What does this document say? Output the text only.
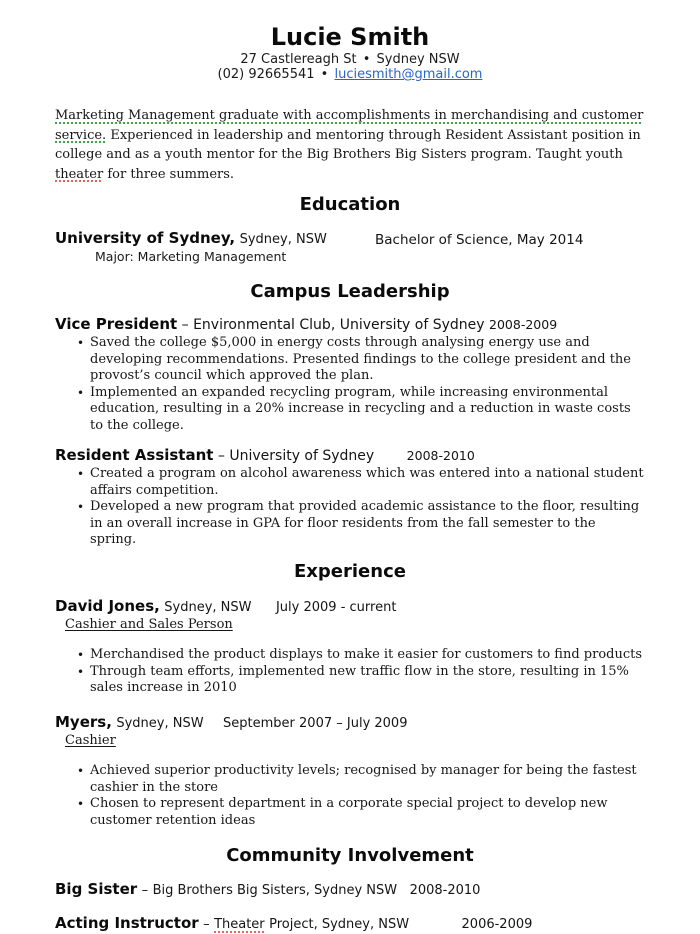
Lucie Smith
27 Castlereagh St • Sydney NSW
(02) 92665541 • luciesmith@gmail.com

Marketing Management graduate with accomplishments in merchandising and customer service. Experienced in leadership and mentoring through Resident Assistant position in college and as a youth mentor for the Big Brothers Big Sisters program. Taught youth theater for three summers.

Education
University of Sydney, Sydney, NSW	Bachelor of Science, May 2014
Major: Marketing Management
Campus Leadership
Vice President – Environmental Club, University of Sydney 2008-2009
• Saved the college $5,000 in energy costs through analysing energy use and developing recommendations. Presented findings to the college president and the provost’s council which approved the plan.
• Implemented an expanded recycling program, while increasing environmental education, resulting in a 20% increase in recycling and a reduction in waste costs to the college.
Resident Assistant – University of Sydney	2008-2010
• Created a program on alcohol awareness which was entered into a national student affairs competition.
• Developed a new program that provided academic assistance to the floor, resulting in an overall increase in GPA for floor residents from the fall semester to the spring.
Experience
David Jones, Sydney, NSW July 2009 - current
Cashier and Sales Person
• Merchandised the product displays to make it easier for customers to find products
• Through team efforts, implemented new traffic flow in the store, resulting in 15% sales increase in 2010
Myers, Sydney, NSW September 2007 – July 2009
Cashier
• Achieved superior productivity levels; recognised by manager for being the fastest cashier in the store
• Chosen to represent department in a corporate special project to develop new customer retention ideas
Community Involvement
Big Sister – Big Brothers Big Sisters, Sydney NSW 2008-2010
Acting Instructor – Theater Project, Sydney, NSW	2006-2009
